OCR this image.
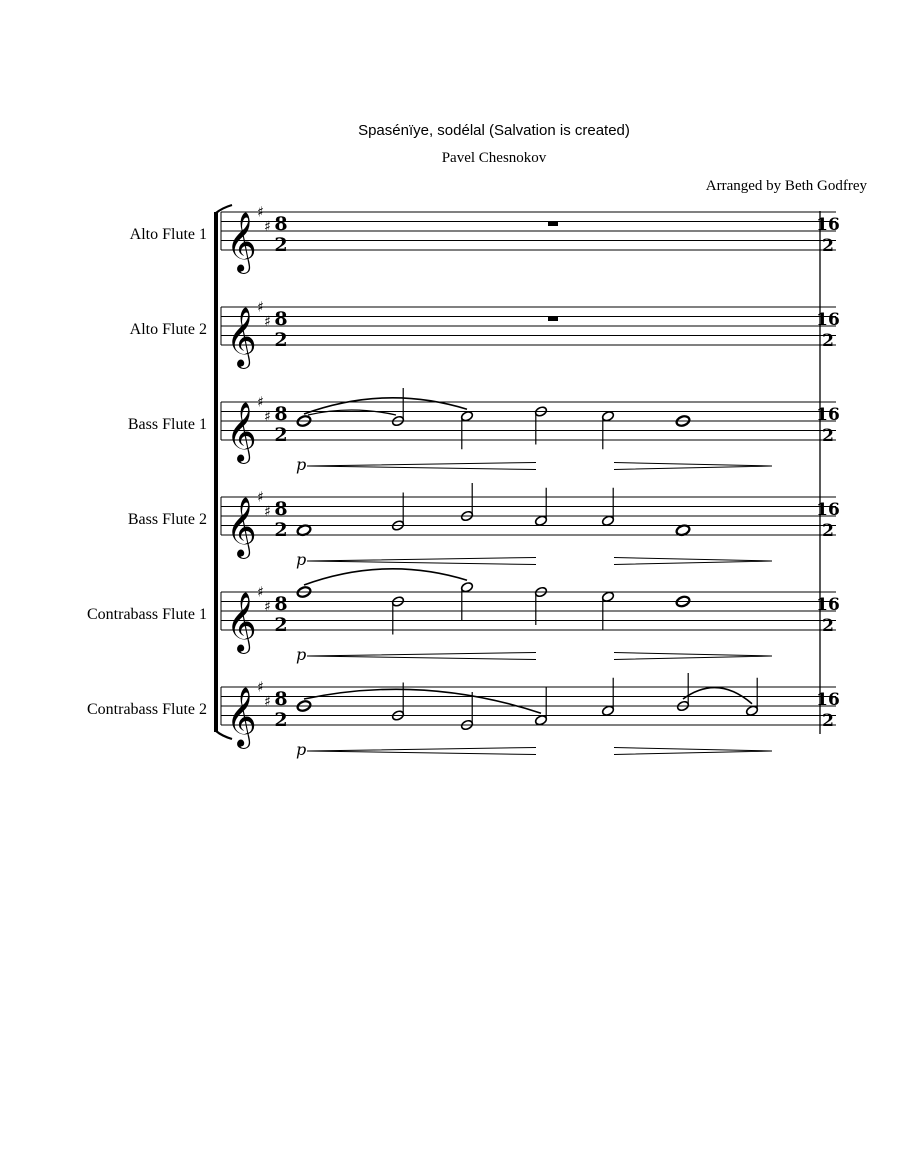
Spasénïye, sodélal (Salvation is created)
Pavel Chesnokov
Arranged by Beth Godfrey
Alto Flute 1
Alto Flute 2
Bass Flute 1
Bass Flute 2
Contrabass Flute 1
Contrabass Flute 2
𝄞 ♯
♯ 8
2
16
2
𝄞 ♯
♯ 8
2
16
2
𝄞 ♯
♯ 8
2
16
2
p
𝄞 ♯
♯ 8
2
16
2
p
𝄞 ♯
♯ 8
2
16
2
p
𝄞 ♯
♯ 8
2
16
2
p
